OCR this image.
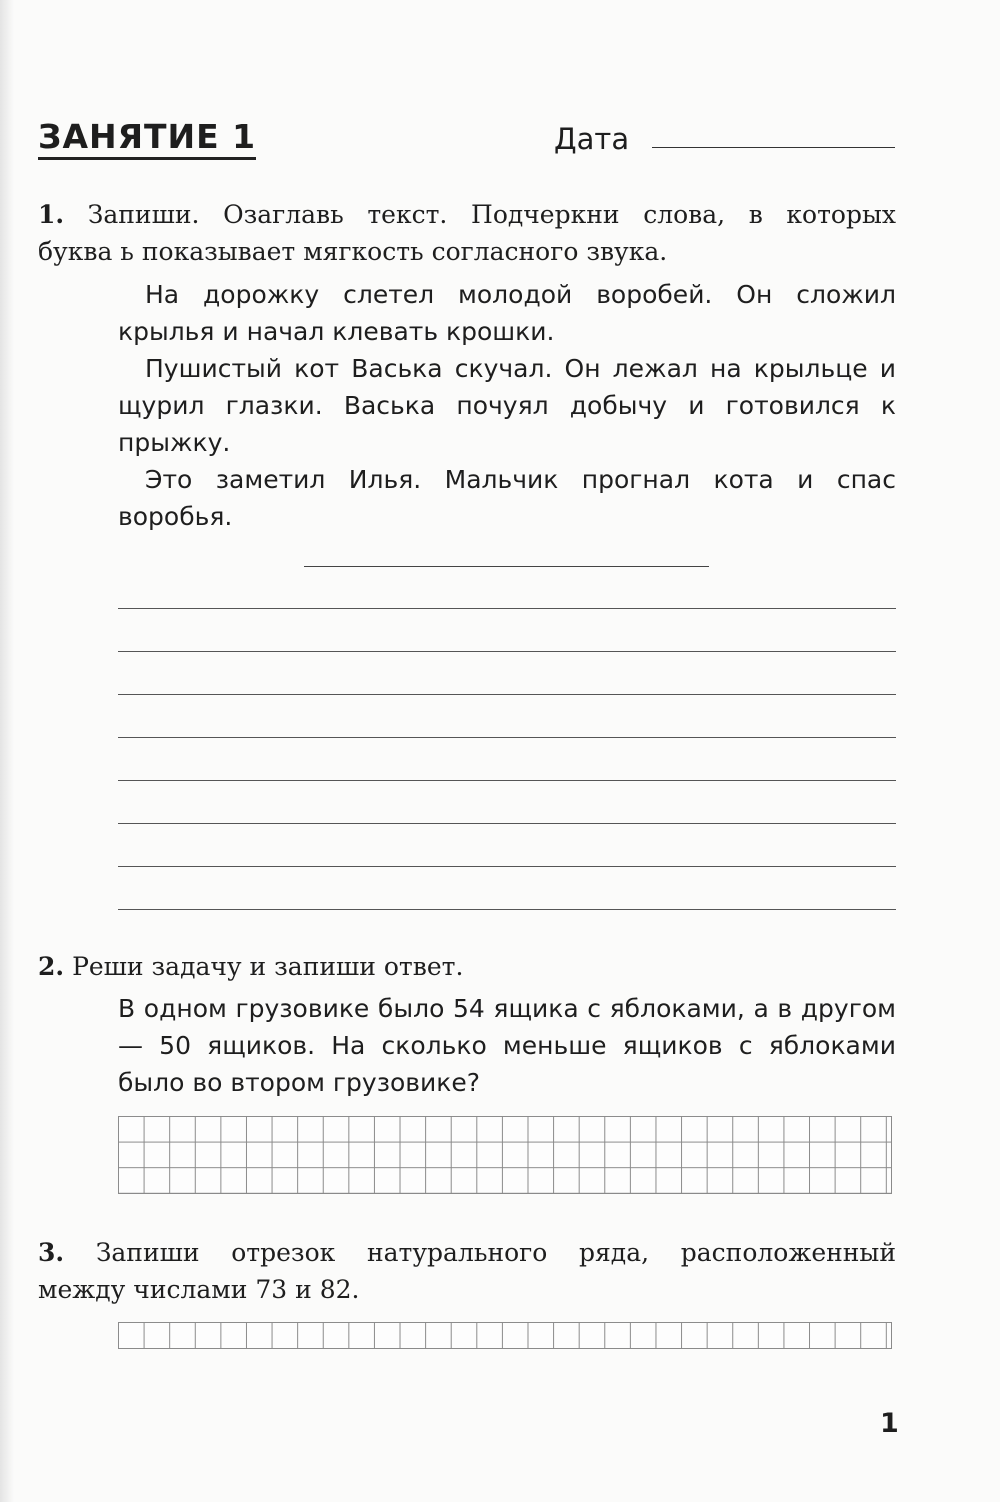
ЗАНЯТИЕ 1	Дата
1. Запиши. Озаглавь текст. Подчеркни слова, в которых
буква ь показывает мягкость согласного звука.

На дорожку слетел молодой воробей. Он сложил крылья и начал клевать крошки.

Пушистый кот Васька скучал. Он лежал на крыльце и щурил глазки. Васька почуял добычу и готовился к прыжку.

Это заметил Илья. Мальчик прогнал кота и спас воробья.

2. Реши задачу и запиши ответ.
В одном грузовике было 54 ящика с яблоками, а в другом — 50 ящиков. На сколько меньше ящиков с яблоками было во втором грузовике?
3. Запиши отрезок натурального ряда, расположенный
между числами 73 и 82.
1
